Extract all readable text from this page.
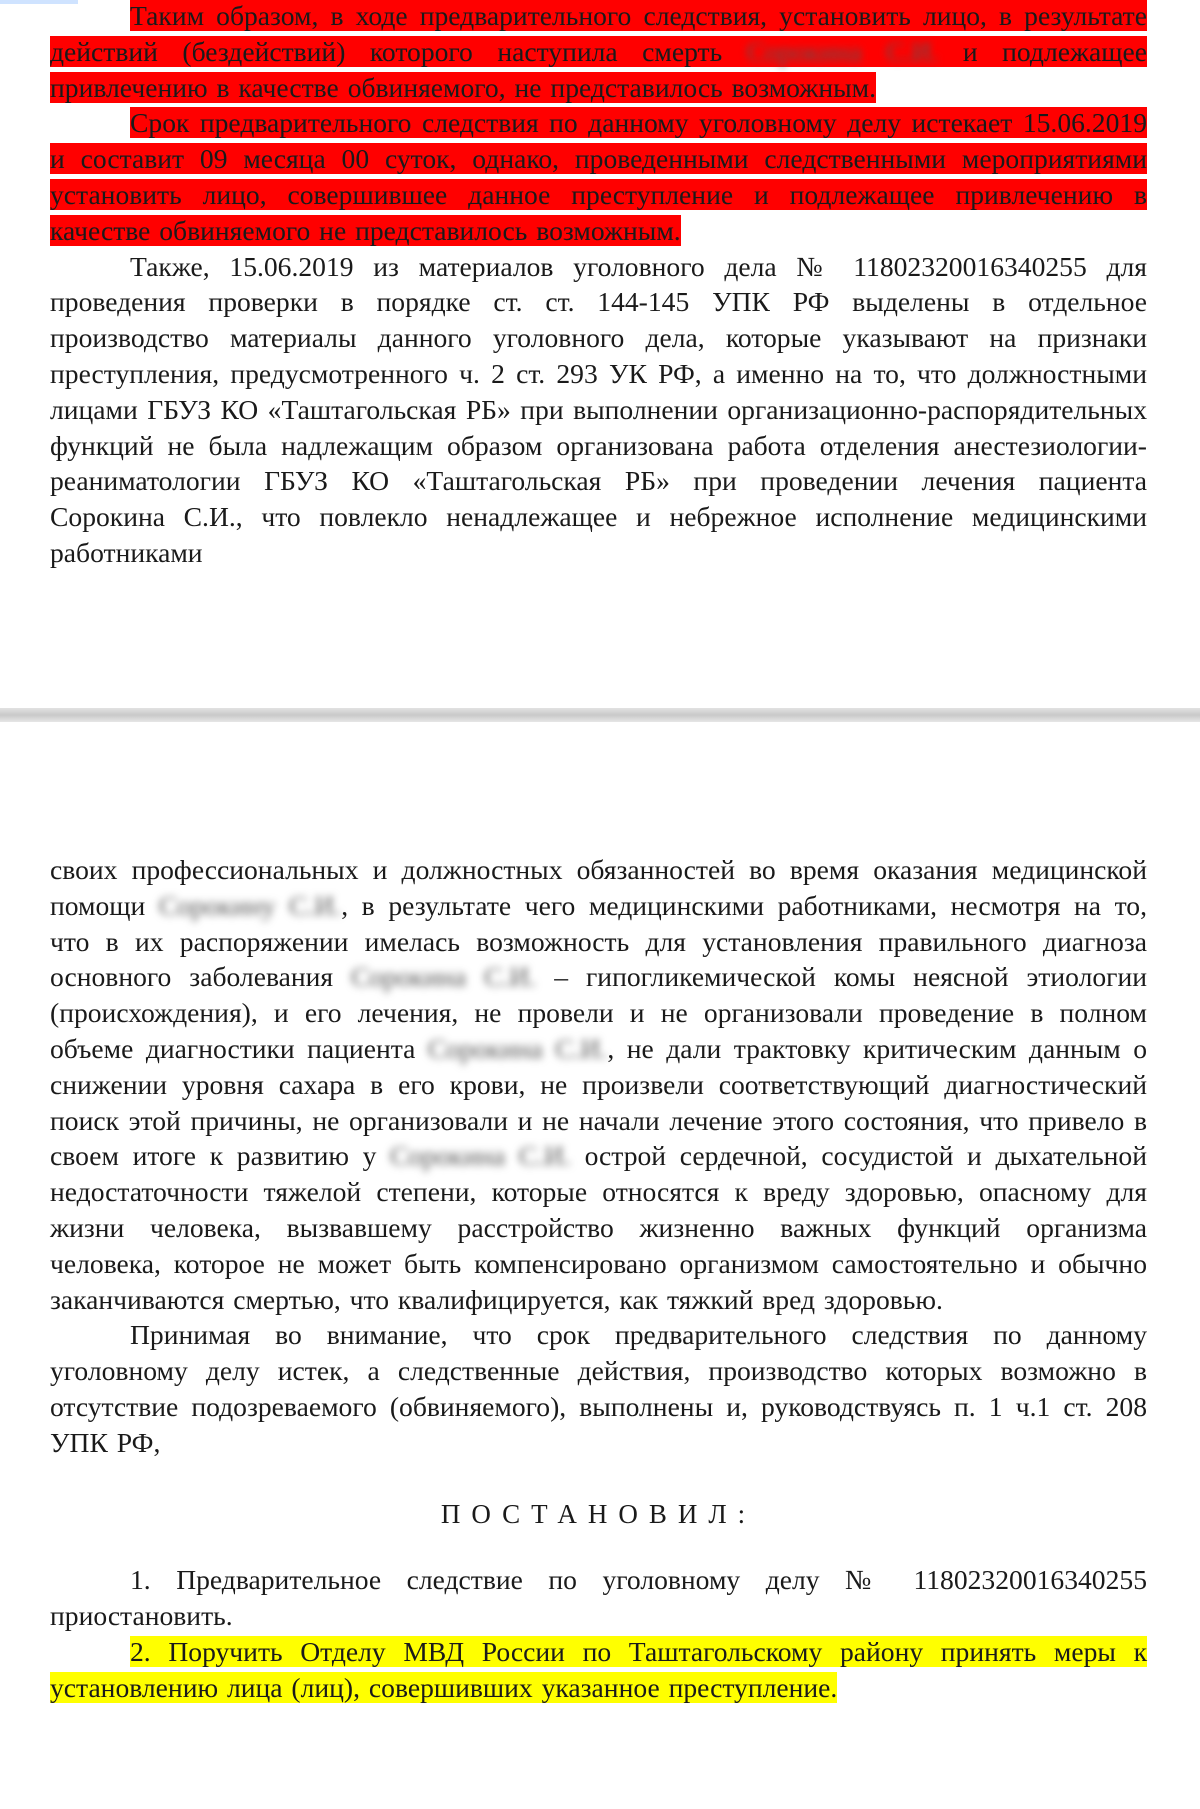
Таким образом, в ходе предварительного следствия, установить лицо, в результате действий (бездействий) которого наступила смерть Сорокина С.И. и подлежащее привлечению в качестве обвиняемого, не представилось возможным.

Срок предварительного следствия по данному уголовному делу истекает 15.06.2019 и составит 09 месяца 00 суток, однако, проведенными следственными мероприятиями установить лицо, совершившее данное преступление и подлежащее привлечению в качестве обвиняемого не представилось возможным.

Также, 15.06.2019 из материалов уголовного дела № 11802320016340255 для проведения проверки в порядке ст. ст. 144-145 УПК РФ выделены в отдельное производство материалы данного уголовного дела, которые указывают на признаки преступления, предусмотренного ч. 2 ст. 293 УК РФ, а именно на то, что должностными лицами ГБУЗ КО «Таштагольская РБ» при выполнении организационно-распорядительных функций не была надлежащим образом организована работа отделения анестезиологии-реаниматологии ГБУЗ КО «Таштагольская РБ» при проведении лечения пациента Сорокина С.И., что повлекло ненадлежащее и небрежное исполнение медицинскими работниками

своих профессиональных и должностных обязанностей во время оказания медицинской помощи Сорокину С.И., в результате чего медицинскими работниками, несмотря на то, что в их распоряжении имелась возможность для установления правильного диагноза основного заболевания Сорокина С.И. – гипогликемической комы неясной этиологии (происхождения), и его лечения, не провели и не организовали проведение в полном объеме диагностики пациента Сорокина С.И., не дали трактовку критическим данным о снижении уровня сахара в его крови, не произвели соответствующий диагностический поиск этой причины, не организовали и не начали лечение этого состояния, что привело в своем итоге к развитию у Сорокина С.И. острой сердечной, сосудистой и дыхательной недостаточности тяжелой степени, которые относятся к вреду здоровью, опасному для жизни человека, вызвавшему расстройство жизненно важных функций организма человека, которое не может быть компенсировано организмом самостоятельно и обычно заканчиваются смертью, что квалифицируется, как тяжкий вред здоровью.

Принимая во внимание, что срок предварительного следствия по данному уголовному делу истек, а следственные действия, производство которых возможно в отсутствие подозреваемого (обвиняемого), выполнены и, руководствуясь п. 1 ч.1 ст. 208 УПК РФ,

ПОСТАНОВИЛ:

1. Предварительное следствие по уголовному делу № 11802320016340255 приостановить.

2. Поручить Отделу МВД России по Таштагольскому району принять меры к установлению лица (лиц), совершивших указанное преступление.
